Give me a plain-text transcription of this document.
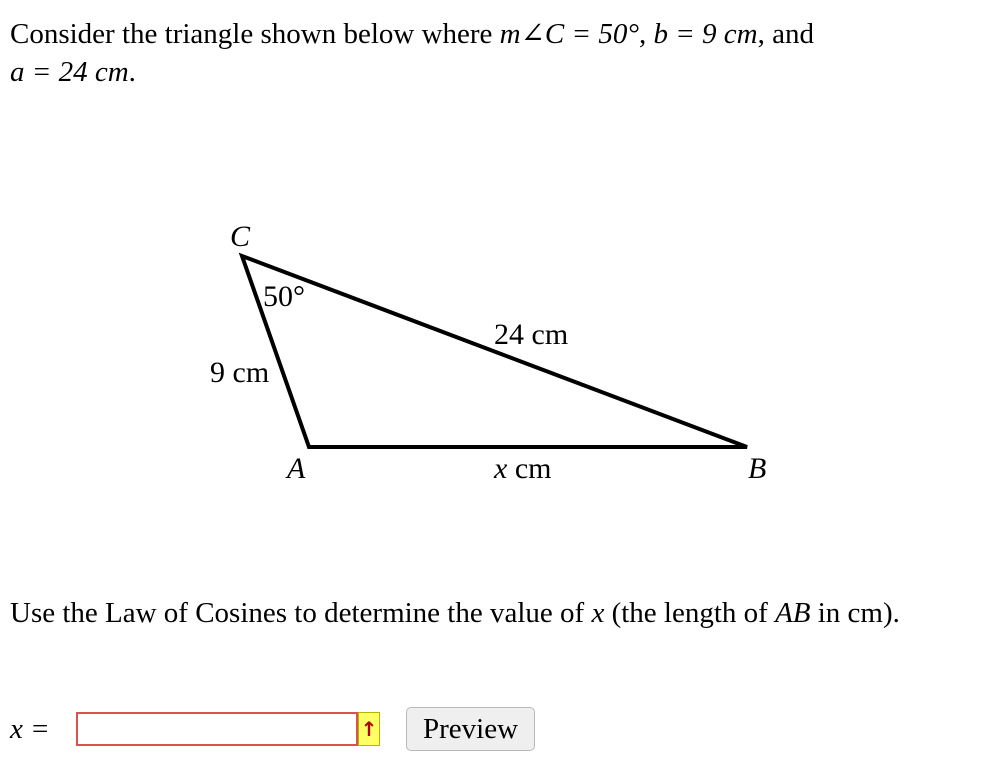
Consider the triangle shown below where m∠C = 50°, b = 9 cm, and
a = 24 cm.

C
A	B
50°
9 cm
24 cm
x cm

Use the Law of Cosines to determine the value of x (the length of AB in cm).

x =	↑	Preview
